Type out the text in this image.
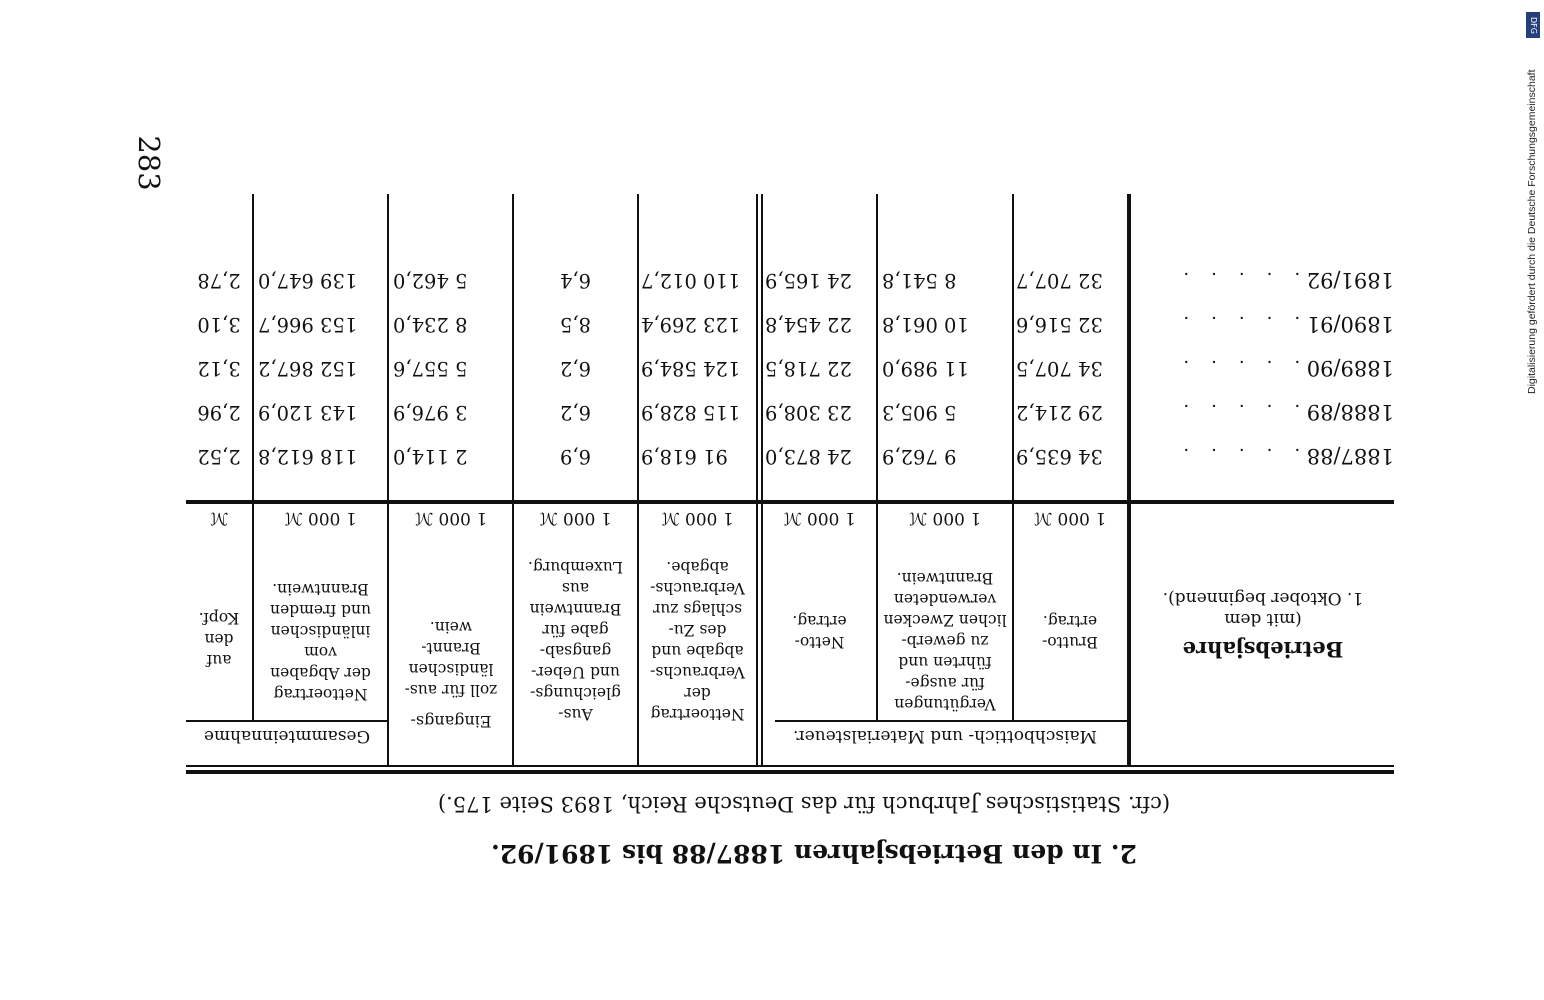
283
2. In den Betriebsjahren 1887/88 bis 1891/92.
(cfr. Statistisches Jahrbuch für das Deutsche Reich, 1893 Seite 175.)
Betriebsjahre
(mit dem
1. Oktober beginnend).
Maischbottich- und Materialsteuer.
Gesammteinnahme
Eingangs-
Brutto-
ertrag.
Vergütungen
für ausge-
führten und
zu gewerb-
lichen Zwecken
verwendeten
Branntwein.
Netto-
ertrag.
Nettoertrag
der
Verbrauchs-
abgabe und
des Zu-
schlags zur
Verbrauchs-
abgabe.
Aus-
gleichungs-
und Ueber-
gangsab-
gabe für
Branntwein
aus
Luxemburg.
zoll für aus-
ländischen
Brannt-
wein.
Nettoertrag
der Abgaben
vom
inländischen
und fremden
Branntwein.
auf
den
Kopf.
1 000 ℳ
1 000 ℳ
1 000 ℳ
1 000 ℳ
1 000 ℳ
1 000 ℳ
1 000 ℳ
ℳ
1887/88 .....
34 635,9
9 762,9
24 873,0
91 618,9
6,9
2 114,0
118 612,8
2,52
1888/89 .....
29 214,2
5 905,3
23 308,9
115 828,9
6,2
3 976,9
143 120,9
2,96
1889/90 .....
34 707,5
11 989,0
22 718,5
124 584,9
6,2
5 557,6
152 867,2
3,12
1890/91 .....
32 516,6
10 061,8
22 454,8
123 269,4
8,5
8 234,0
153 966,7
3,10
1891/92 .....
32 707,7
8 541,8
24 165,9
110 012,7
6,4
5 462,0
139 647,0
2,78
DFG
Digitalisierung gefördert durch die Deutsche Forschungsgemeinschaft
